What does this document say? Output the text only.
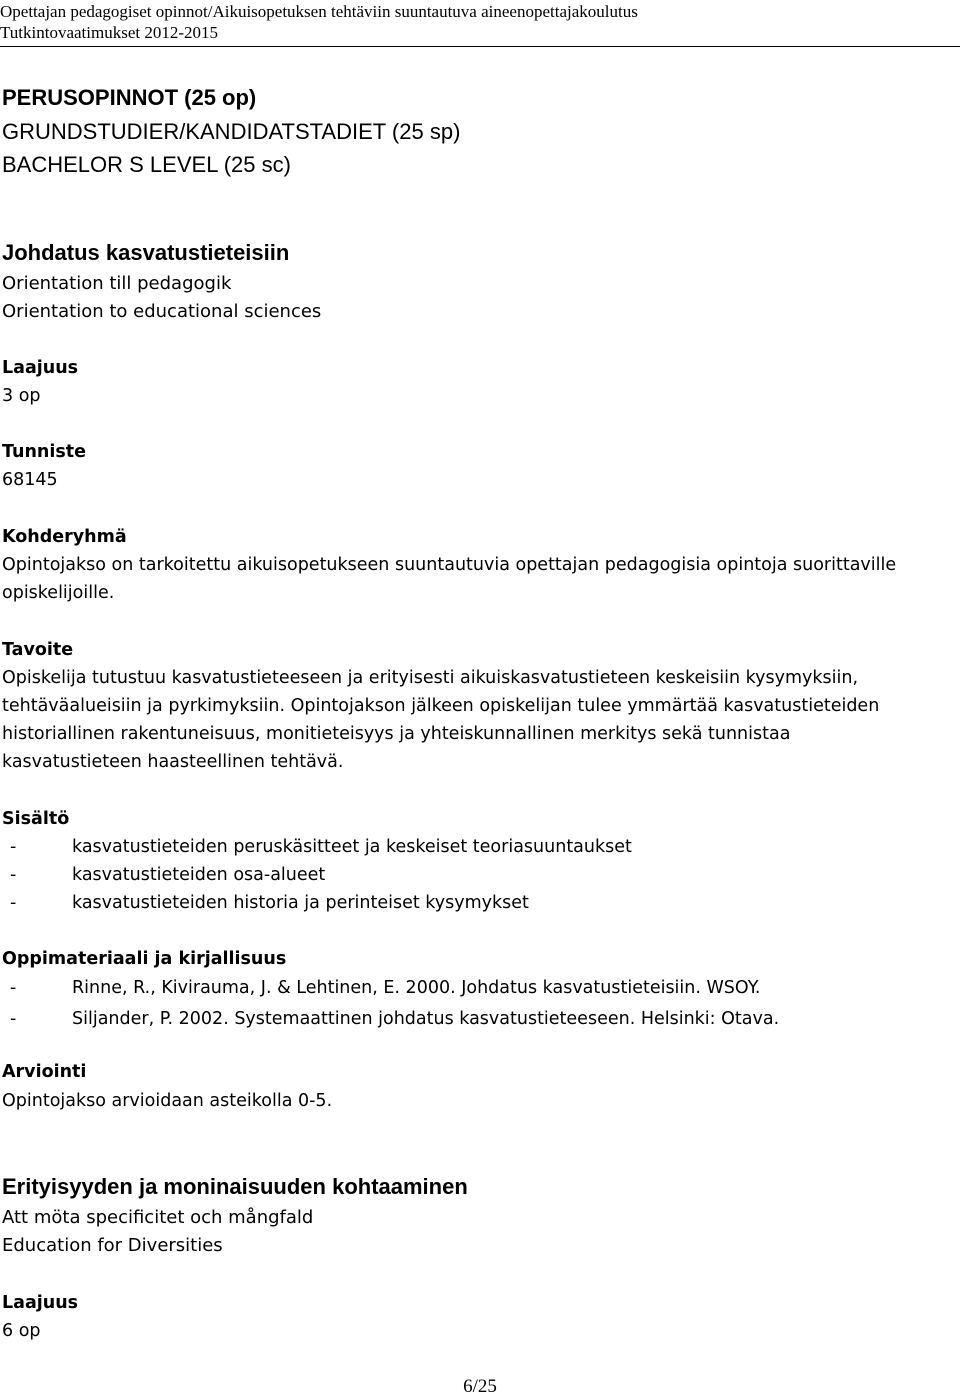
Opettajan pedagogiset opinnot/Aikuisopetuksen tehtäviin suuntautuva aineenopettajakoulutus
Tutkintovaatimukset 2012-2015
PERUSOPINNOT (25 op)
GRUNDSTUDIER/KANDIDATSTADIET (25 sp)
BACHELOR S LEVEL (25 sc)
Johdatus kasvatustieteisiin
Orientation till pedagogik
Orientation to educational sciences
Laajuus
3 op
Tunniste
68145
Kohderyhmä
Opintojakso on tarkoitettu aikuisopetukseen suuntautuvia opettajan pedagogisia opintoja suorittaville
opiskelijoille.
Tavoite
Opiskelija tutustuu kasvatustieteeseen ja erityisesti aikuiskasvatustieteen keskeisiin kysymyksiin,
tehtäväalueisiin ja pyrkimyksiin. Opintojakson jälkeen opiskelijan tulee ymmärtää kasvatustieteiden
historiallinen rakentuneisuus, monitieteisyys ja yhteiskunnallinen merkitys sekä tunnistaa
kasvatustieteen haasteellinen tehtävä.
Sisältö
-	kasvatustieteiden peruskäsitteet ja keskeiset teoriasuuntaukset
-	kasvatustieteiden osa-alueet
-	kasvatustieteiden historia ja perinteiset kysymykset
Oppimateriaali ja kirjallisuus
-	Rinne, R., Kivirauma, J. & Lehtinen, E. 2000. Johdatus kasvatustieteisiin. WSOY.
-	Siljander, P. 2002. Systemaattinen johdatus kasvatustieteeseen. Helsinki: Otava.
Arviointi
Opintojakso arvioidaan asteikolla 0-5.
Erityisyyden ja moninaisuuden kohtaaminen
Att möta specificitet och mångfald
Education for Diversities
Laajuus
6 op
6/25
